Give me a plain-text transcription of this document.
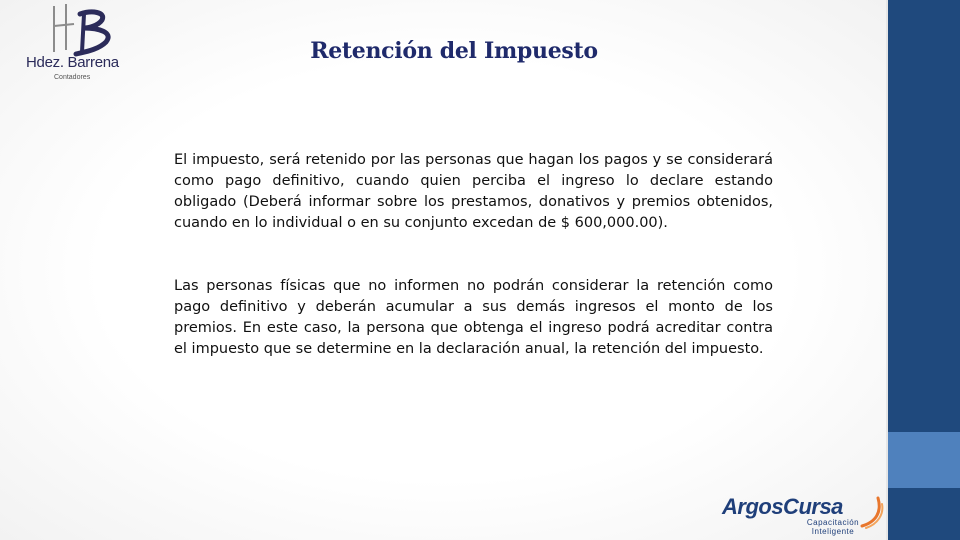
Hdez. Barrena
Contadores
Retención del Impuesto

El impuesto, será retenido por las personas que hagan los pagos y se considerará como pago definitivo, cuando quien perciba el ingreso lo declare estando obligado (Deberá informar sobre los prestamos, donativos y premios obtenidos, cuando en lo individual o en su conjunto excedan de $ 600,000.00).

Las personas físicas que no informen no podrán considerar la retención como pago definitivo y deberán acumular a sus demás ingresos el monto de los premios. En este caso, la persona que obtenga el ingreso podrá acreditar contra el impuesto que se determine en la declaración anual, la retención del impuesto.

ArgosCursa
Capacitación
Inteligente
